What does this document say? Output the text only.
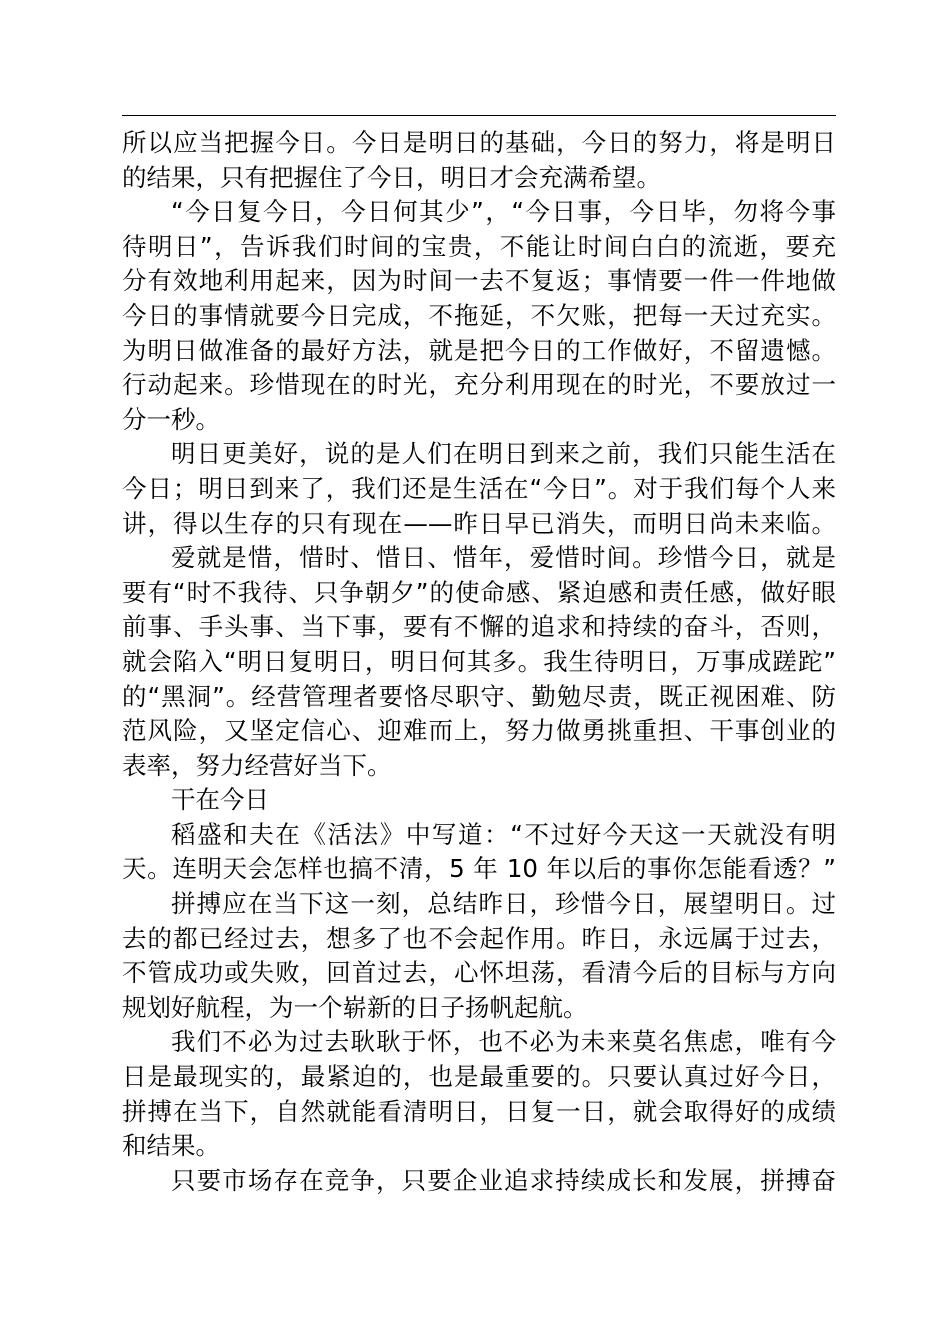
所以应当把握今日。今日是明日的基础，今日的努力，将是明日
的结果，只有把握住了今日，明日才会充满希望。
“今日复今日，今日何其少”，“今日事，今日毕，勿将今事
待明日”，告诉我们时间的宝贵，不能让时间白白的流逝，要充
分有效地利用起来，因为时间一去不复返；事情要一件一件地做
今日的事情就要今日完成，不拖延，不欠账，把每一天过充实。
为明日做准备的最好方法，就是把今日的工作做好，不留遗憾。
行动起来。珍惜现在的时光，充分利用现在的时光，不要放过一
分一秒。
明日更美好，说的是人们在明日到来之前，我们只能生活在
今日；明日到来了，我们还是生活在“今日”。对于我们每个人来
讲，得以生存的只有现在——昨日早已消失，而明日尚未来临。
爱就是惜，惜时、惜日、惜年，爱惜时间。珍惜今日，就是
要有“时不我待、只争朝夕”的使命感、紧迫感和责任感，做好眼
前事、手头事、当下事，要有不懈的追求和持续的奋斗，否则，
就会陷入“明日复明日，明日何其多。我生待明日，万事成蹉跎”
的“黑洞”。经营管理者要恪尽职守、勤勉尽责，既正视困难、防
范风险，又坚定信心、迎难而上，努力做勇挑重担、干事创业的
表率，努力经营好当下。
干在今日
稻盛和夫在《活法》中写道：“不过好今天这一天就没有明
天。连明天会怎样也搞不清，5 年 10 年以后的事你怎能看透？”
拼搏应在当下这一刻，总结昨日，珍惜今日，展望明日。过
去的都已经过去，想多了也不会起作用。昨日，永远属于过去，
不管成功或失败，回首过去，心怀坦荡，看清今后的目标与方向
规划好航程，为一个崭新的日子扬帆起航。
我们不必为过去耿耿于怀，也不必为未来莫名焦虑，唯有今
日是最现实的，最紧迫的，也是最重要的。只要认真过好今日，
拼搏在当下，自然就能看清明日，日复一日，就会取得好的成绩
和结果。
只要市场存在竞争，只要企业追求持续成长和发展，拼搏奋
